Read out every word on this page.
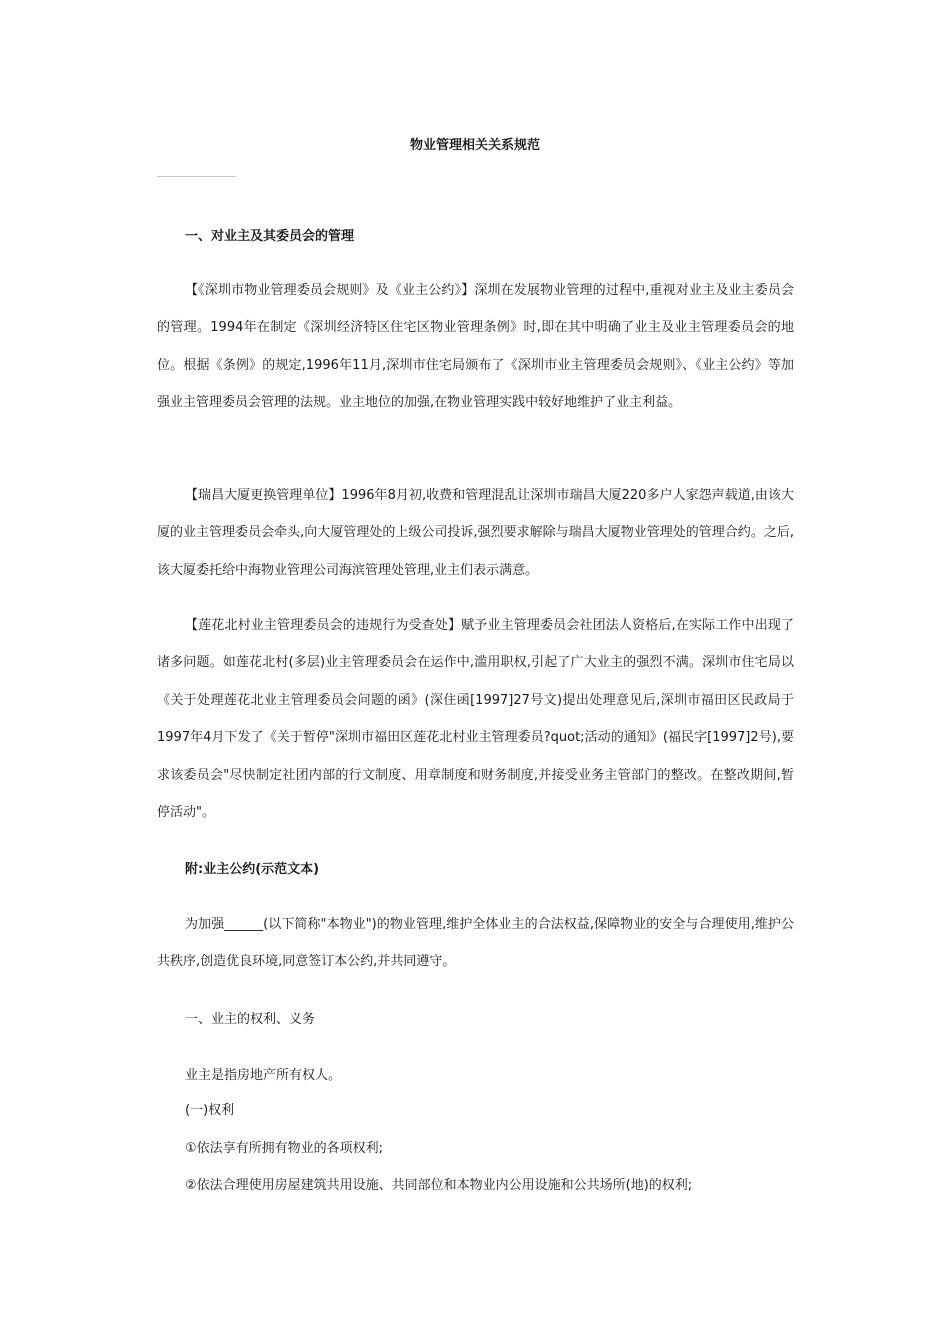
物业管理相关关系规范

一、对业主及其委员会的管理

【《深圳市物业管理委员会规则》及《业主公约》】深圳在发展物业管理的过程中,重视对业主及业主委员会的管理。1994年在制定《深圳经济特区住宅区物业管理条例》时,即在其中明确了业主及业主管理委员会的地位。根据《条例》的规定,1996年11月,深圳市住宅局颁布了《深圳市业主管理委员会规则》、《业主公约》等加强业主管理委员会管理的法规。业主地位的加强,在物业管理实践中较好地维护了业主利益。

【瑞昌大厦更换管理单位】1996年8月初,收费和管理混乱让深圳市瑞昌大厦220多户人家怨声载道,由该大厦的业主管理委员会牵头,向大厦管理处的上级公司投诉,强烈要求解除与瑞昌大厦物业管理处的管理合约。之后,该大厦委托给中海物业管理公司海滨管理处管理,业主们表示满意。

【莲花北村业主管理委员会的违规行为受查处】赋予业主管理委员会社团法人资格后,在实际工作中出现了诸多问题。如莲花北村(多层)业主管理委员会在运作中,滥用职权,引起了广大业主的强烈不满。深圳市住宅局以《关于处理莲花北业主管理委员会问题的函》(深住函[1997]27号文)提出处理意见后,深圳市福田区民政局于1997年4月下发了《关于暂停"深圳市福田区莲花北村业主管理委员?quot;活动的通知》(福民字[1997]2号),要求该委员会"尽快制定社团内部的行文制度、用章制度和财务制度,并接受业务主管部门的整改。在整改期间,暂停活动"。

附:业主公约(示范文本)

为加强______(以下简称"本物业")的物业管理,维护全体业主的合法权益,保障物业的安全与合理使用,维护公共秩序,创造优良环境,同意签订本公约,并共同遵守。

一、业主的权利、义务

业主是指房地产所有权人。

(一)权利

①依法享有所拥有物业的各项权利;

②依法合理使用房屋建筑共用设施、共同部位和本物业内公用设施和公共场所(地)的权利;
